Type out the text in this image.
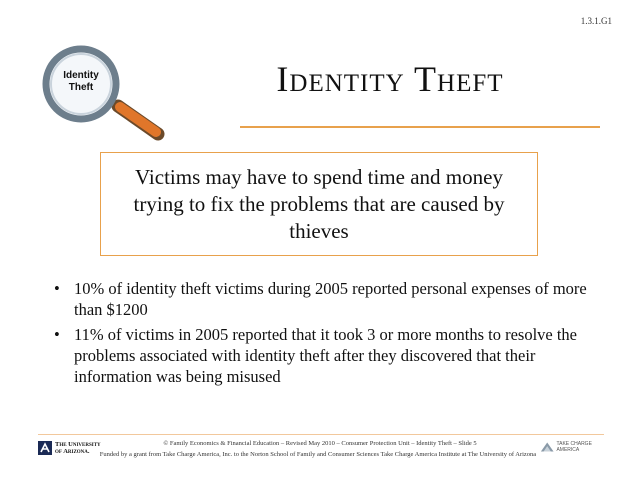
1.3.1.G1
Identity
Theft	Identity Theft
Victims may have to spend time and money trying to fix the problems that are caused by thieves
• 10% of identity theft victims during 2005 reported personal expenses of more than $1200
• 11% of victims in 2005 reported that it took 3 or more months to resolve the problems associated with identity theft after they discovered that their information was being misused
The University
of Arizona.
© Family Economics & Financial Education – Revised May 2010 – Consumer Protection Unit – Identity Theft – Slide 5
Funded by a grant from Take Charge America, Inc. to the Norton School of Family and Consumer Sciences Take Charge America Institute at The University of Arizona
TAKE CHARGE AMERICA
